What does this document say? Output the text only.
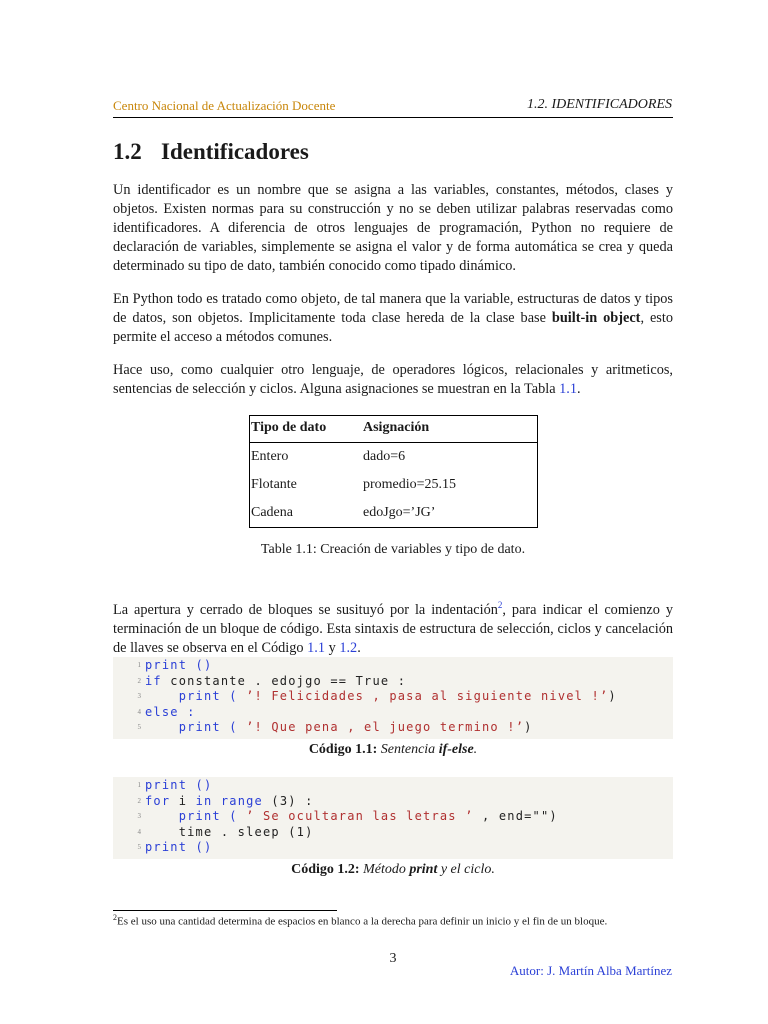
Centro Nacional de Actualización Docente	1.2. IDENTIFICADORES
1.2 Identificadores
Un identificador es un nombre que se asigna a las variables, constantes, métodos, clases y objetos. Existen normas para su construcción y no se deben utilizar palabras reservadas como identificadores. A diferencia de otros lenguajes de programación, Python no requiere de declaración de variables, simplemente se asigna el valor y de forma automática se crea y queda determinado su tipo de dato, también conocido como tipado dinámico.
En Python todo es tratado como objeto, de tal manera que la variable, estructuras de datos y tipos de datos, son objetos. Implicitamente toda clase hereda de la clase base built-in object, esto permite el acceso a métodos comunes.
Hace uso, como cualquier otro lenguaje, de operadores lógicos, relacionales y aritmeticos, sentencias de selección y ciclos. Alguna asignaciones se muestran en la Tabla 1.1.
Tipo de dato	Asignación
Entero	dado=6
Flotante	promedio=25.15
Cadena	edoJgo=’JG’
Table 1.1: Creación de variables y tipo de dato.
La apertura y cerrado de bloques se susituyó por la indentación$^2$, para indicar el comienzo y terminación de un bloque de código. Esta sintaxis de estructura de selección, ciclos y cancelación de llaves se observa en el Código 1.1 y 1.2.
1 print ()
2 if constante . edojgo == True :
3 print ( ’! Felicidades , pasa al siguiente nivel !’)
4 else :
5 print ( ’! Que pena , el juego termino !’)
Código 1.1: Sentencia if-else.
1 print ()
2 for i in range (3) :
3 print ( ’ Se ocultaran las letras ’ , end="")
4 time . sleep (1)
5 print ()
Código 1.2: Método print y el ciclo.
$^2$Es el uso una cantidad determina de espacios en blanco a la derecha para definir un inicio y el fin de un bloque.
3
Autor: J. Martín Alba Martínez
